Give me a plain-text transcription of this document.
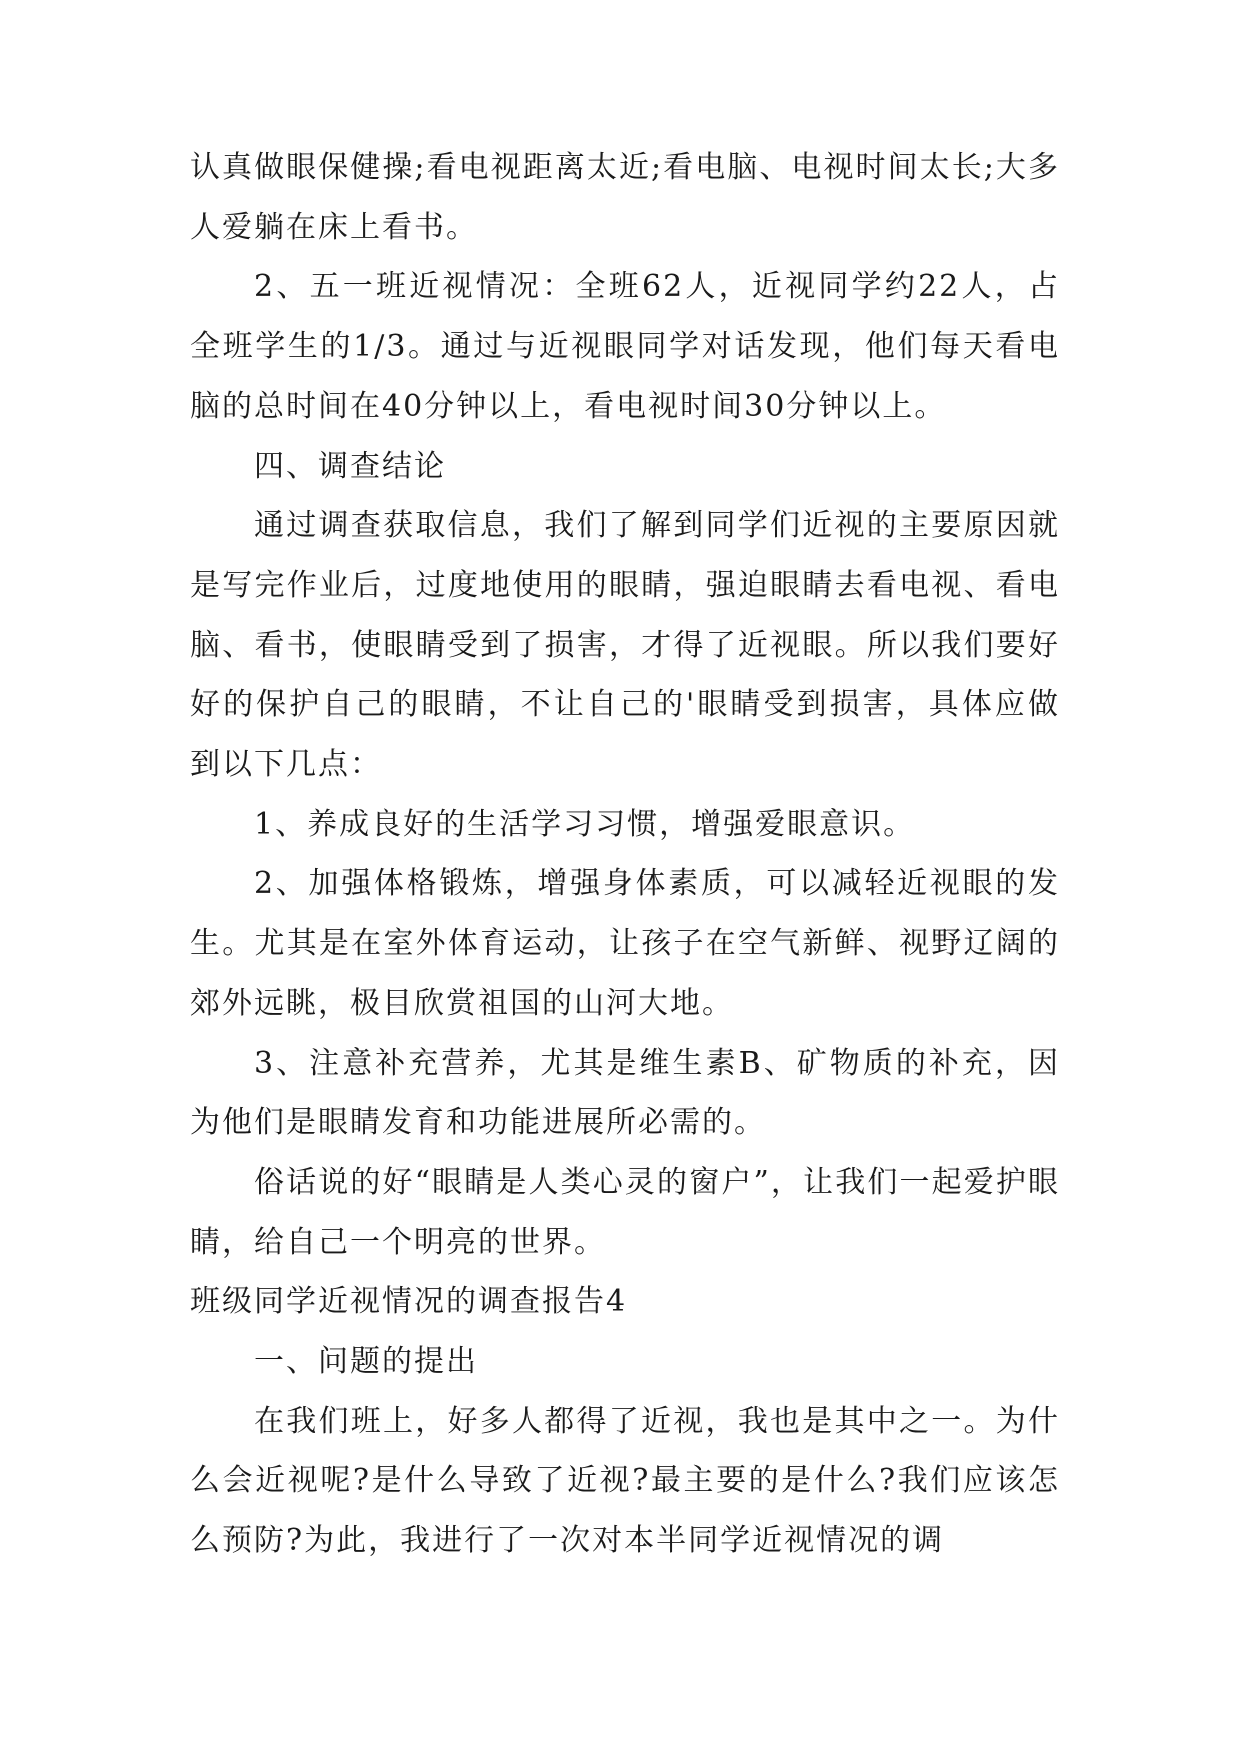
认真做眼保健操;看电视距离太近;看电脑、电视时间太长;大多人爱躺在床上看书。

2、五一班近视情况：全班62人，近视同学约22人，占全班学生的1/3。通过与近视眼同学对话发现，他们每天看电脑的总时间在40分钟以上，看电视时间30分钟以上。

四、调查结论

通过调查获取信息，我们了解到同学们近视的主要原因就是写完作业后，过度地使用的眼睛，强迫眼睛去看电视、看电脑、看书，使眼睛受到了损害，才得了近视眼。所以我们要好好的保护自己的眼睛，不让自己的'眼睛受到损害，具体应做到以下几点：

1、养成良好的生活学习习惯，增强爱眼意识。

2、加强体格锻炼，增强身体素质，可以减轻近视眼的发生。尤其是在室外体育运动，让孩子在空气新鲜、视野辽阔的郊外远眺，极目欣赏祖国的山河大地。

3、注意补充营养，尤其是维生素B、矿物质的补充，因为他们是眼睛发育和功能进展所必需的。

俗话说的好“眼睛是人类心灵的窗户”，让我们一起爱护眼睛，给自己一个明亮的世界。

班级同学近视情况的调查报告4

一、问题的提出

在我们班上，好多人都得了近视，我也是其中之一。为什么会近视呢?是什么导致了近视?最主要的是什么?我们应该怎么预防?为此，我进行了一次对本半同学近视情况的调
